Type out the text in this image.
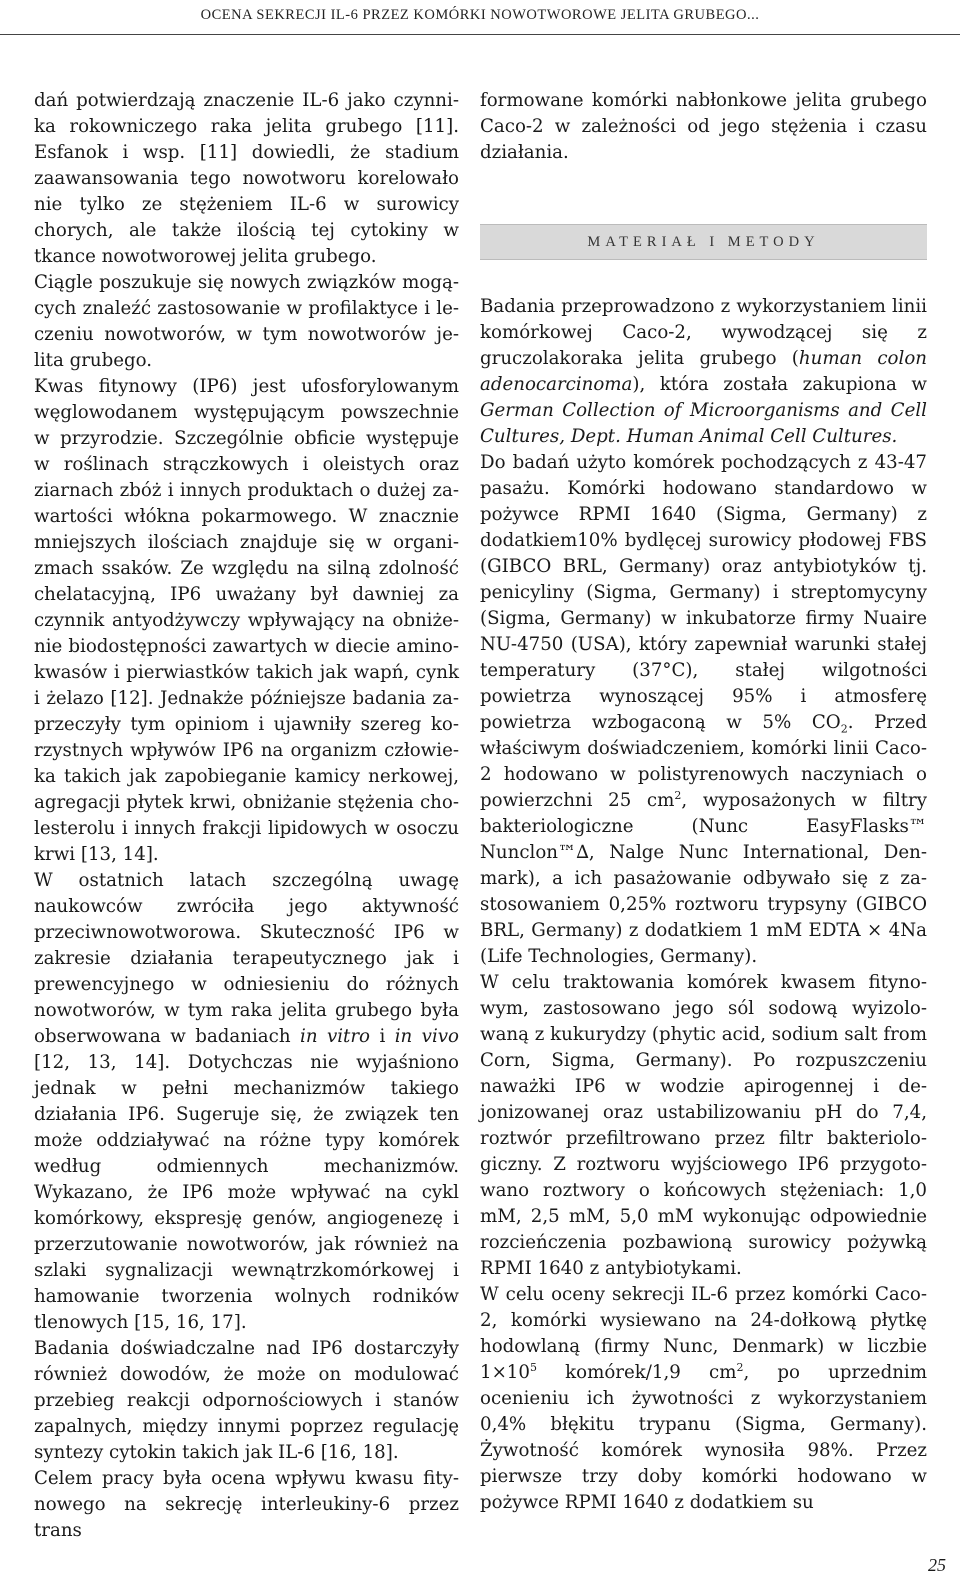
OCENA SEKRECJI IL-6 PRZEZ KOMÓRKI NOWOTWOROWE JELITA GRUBEGO...

dań potwierdzają znaczenie IL-6 jako czynnika rokowniczego raka jelita grubego [11]. Esfanok i wsp. [11] dowiedli, że stadium zaawansowania tego nowotworu korelowało nie tylko ze stężeniem IL-6 w surowicy chorych, ale także ilością tej cytokiny w tkance nowotworowej jelita grubego.

Ciągle poszukuje się nowych związków mogących znaleźć zastosowanie w profilaktyce i leczeniu nowotworów, w tym nowotworów jelita grubego.

Kwas fitynowy (IP6) jest ufosforylowanym węglowodanem występującym powszechnie w przyrodzie. Szczególnie obficie występuje w roślinach strączkowych i oleistych oraz ziarnach zbóż i innych produktach o dużej zawartości włókna pokarmowego. W znacznie mniejszych ilościach znajduje się w organizmach ssaków. Ze względu na silną zdolność chelatacyjną, IP6 uważany był dawniej za czynnik antyodżywczy wpływający na obniżenie biodostępności zawartych w diecie aminokwasów i pierwiastków takich jak wapń, cynk i żelazo [12]. Jednakże późniejsze badania zaprzeczyły tym opiniom i ujawniły szereg korzystnych wpływów IP6 na organizm człowieka takich jak zapobieganie kamicy nerkowej, agregacji płytek krwi, obniżanie stężenia cholesterolu i innych frakcji lipidowych w osoczu krwi [13, 14].

W ostatnich latach szczególną uwagę naukowców zwróciła jego aktywność przeciwnowotworowa. Skuteczność IP6 w zakresie działania terapeutycznego jak i prewencyjnego w odniesieniu do różnych nowotworów, w tym raka jelita grubego była obserwowana w badaniach in vitro i in vivo [12, 13, 14]. Dotychczas nie wyjaśniono jednak w pełni mechanizmów takiego działania IP6. Sugeruje się, że związek ten może oddziaływać na różne typy komórek według odmiennych mechanizmów. Wykazano, że IP6 może wpływać na cykl komórkowy, ekspresję genów, angiogenezę i przerzutowanie nowotworów, jak również na szlaki sygnalizacji wewnątrzkomórkowej i hamowanie tworzenia wolnych rodników tlenowych [15, 16, 17].

Badania doświadczalne nad IP6 dostarczyły również dowodów, że może on modulować przebieg reakcji odpornościowych i stanów zapalnych, między innymi poprzez regulację syntezy cytokin takich jak IL-6 [16, 18].

Celem pracy była ocena wpływu kwasu fitynowego na sekrecję interleukiny-6 przez trans

formowane komórki nabłonkowe jelita grubego Caco-2 w zależności od jego stężenia i czasu działania.

MATERIAŁ I METODY

Badania przeprowadzono z wykorzystaniem linii komórkowej Caco-2, wywodzącej się z gruczolakoraka jelita grubego (human colon adenocarcinoma), która została zakupiona w German Collection of Microorganisms and Cell Cultures, Dept. Human Animal Cell Cultures.

Do badań użyto komórek pochodzących z 43-47 pasażu. Komórki hodowano standardowo w pożywce RPMI 1640 (Sigma, Germany) z dodatkiem10% bydlęcej surowicy płodowej FBS (GIBCO BRL, Germany) oraz antybiotyków tj. penicyliny (Sigma, Germany) i streptomycyny (Sigma, Germany) w inkubatorze firmy Nuaire NU-4750 (USA), który zapewniał warunki stałej temperatury (37°C), stałej wilgotności powietrza wynoszącej 95% i atmosferę powietrza wzbogaconą w 5% $CO_2$. Przed właściwym doświadczeniem, komórki linii Caco-2 hodowano w polistyrenowych naczyniach o powierzchni 25 $cm^2$, wyposażonych w filtry bakteriologiczne (Nunc EasyFlasks™ Nunclon™∆, Nalge Nunc International, Denmark), a ich pasażowanie odbywało się z zastosowaniem 0,25% roztworu trypsyny (GIBCO BRL, Germany) z dodatkiem 1 mM EDTA × 4Na (Life Technologies, Germany).

W celu traktowania komórek kwasem fitynowym, zastosowano jego sól sodową wyizolowaną z kukurydzy (phytic acid, sodium salt from Corn, Sigma, Germany). Po rozpuszczeniu naważki IP6 w wodzie apirogennej i dejonizowanej oraz ustabilizowaniu pH do 7,4, roztwór przefiltrowano przez filtr bakteriologiczny. Z roztworu wyjściowego IP6 przygotowano roztwory o końcowych stężeniach: 1,0 mM, 2,5 mM, 5,0 mM wykonując odpowiednie rozcieńczenia pozbawioną surowicy pożywką RPMI 1640 z antybiotykami.

W celu oceny sekrecji IL-6 przez komórki Caco-2, komórki wysiewano na 24-dołkową płytkę hodowlaną (firmy Nunc, Denmark) w liczbie $1\times 10^5$ komórek/1,9 $cm^2$, po uprzednim ocenieniu ich żywotności z wykorzystaniem 0,4% błękitu trypanu (Sigma, Germany). Żywotność komórek wynosiła 98%. Przez pierwsze trzy doby komórki hodowano w pożywce RPMI 1640 z dodatkiem su

25
